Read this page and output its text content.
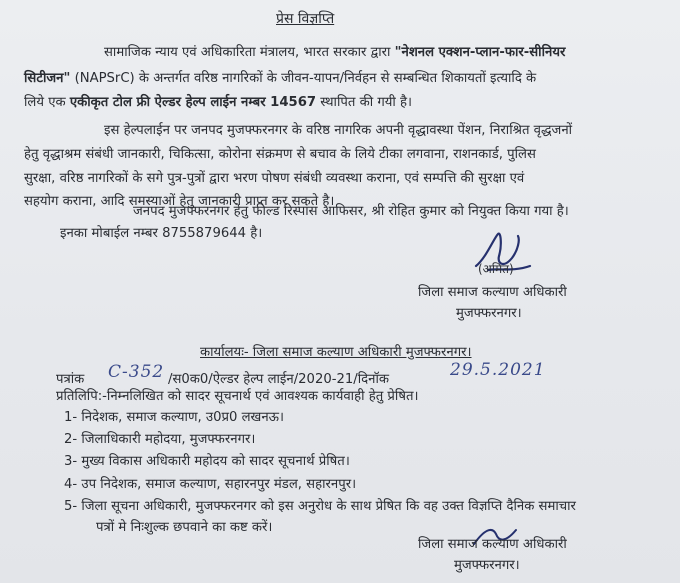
प्रेस विज्ञप्ति
सामाजिक न्याय एवं अधिकारिता मंत्रालय, भारत सरकार द्वारा "नेशनल एक्शन-प्लान-फार-सीनियर
सिटीजन" (NAPSrC) के अन्तर्गत वरिष्ठ नागरिकों के जीवन-यापन/निर्वहन से सम्बन्धित शिकायतों इत्यादि के
लिये एक एकीकृत टोल फ्री ऐल्डर हेल्प लाईन नम्बर 14567 स्थापित की गयी है।
इस हेल्पलाईन पर जनपद मुजफ्फरनगर के वरिष्ठ नागरिक अपनी वृद्धावस्था पेंशन, निराश्रित वृद्धजनों
हेतु वृद्धाश्रम संबंधी जानकारी, चिकित्सा, कोरोना संक्रमण से बचाव के लिये टीका लगवाना, राशनकार्ड, पुलिस
सुरक्षा, वरिष्ठ नागरिकों के सगे पुत्र-पुत्रों द्वारा भरण पोषण संबंधी व्यवस्था कराना, एवं सम्पत्ति की सुरक्षा एवं
सहयोग कराना, आदि समस्याओं हेतु जानकारी प्राप्त कर सकते है।
जनपद मुजफ्फरनगर हेतु फील्ड रिस्पांस आफिसर, श्री रोहित कुमार को नियुक्त किया गया है।
इनका मोबाईल नम्बर 8755879644 है।
(अमित)
जिला समाज कल्याण अधिकारी
मुजफ्फरनगर।
कार्यालयः- जिला समाज कल्याण अधिकारी मुजफ्फरनगर।
पत्रांक C-352 /स0क0/ऐल्डर हेल्प लाईन/2020-21/दिनॉक	29.5.2021
प्रतिलिपि:-निम्नलिखित को सादर सूचनार्थ एवं आवश्यक कार्यवाही हेतु प्रेषित।
1- निदेशक, समाज कल्याण, उ0प्र0 लखनऊ।
2- जिलाधिकारी महोदया, मुजफ्फरनगर।
3- मुख्य विकास अधिकारी महोदय को सादर सूचनार्थ प्रेषित।
4- उप निदेशक, समाज कल्याण, सहारनपुर मंडल, सहारनपुर।
5- जिला सूचना अधिकारी, मुजफ्फरनगर को इस अनुरोध के साथ प्रेषित कि वह उक्त विज्ञप्ति दैनिक समाचार
पत्रों मे निःशुल्क छपवाने का कष्ट करें।
जिला समाज कल्याण अधिकारी
मुजफ्फरनगर।
